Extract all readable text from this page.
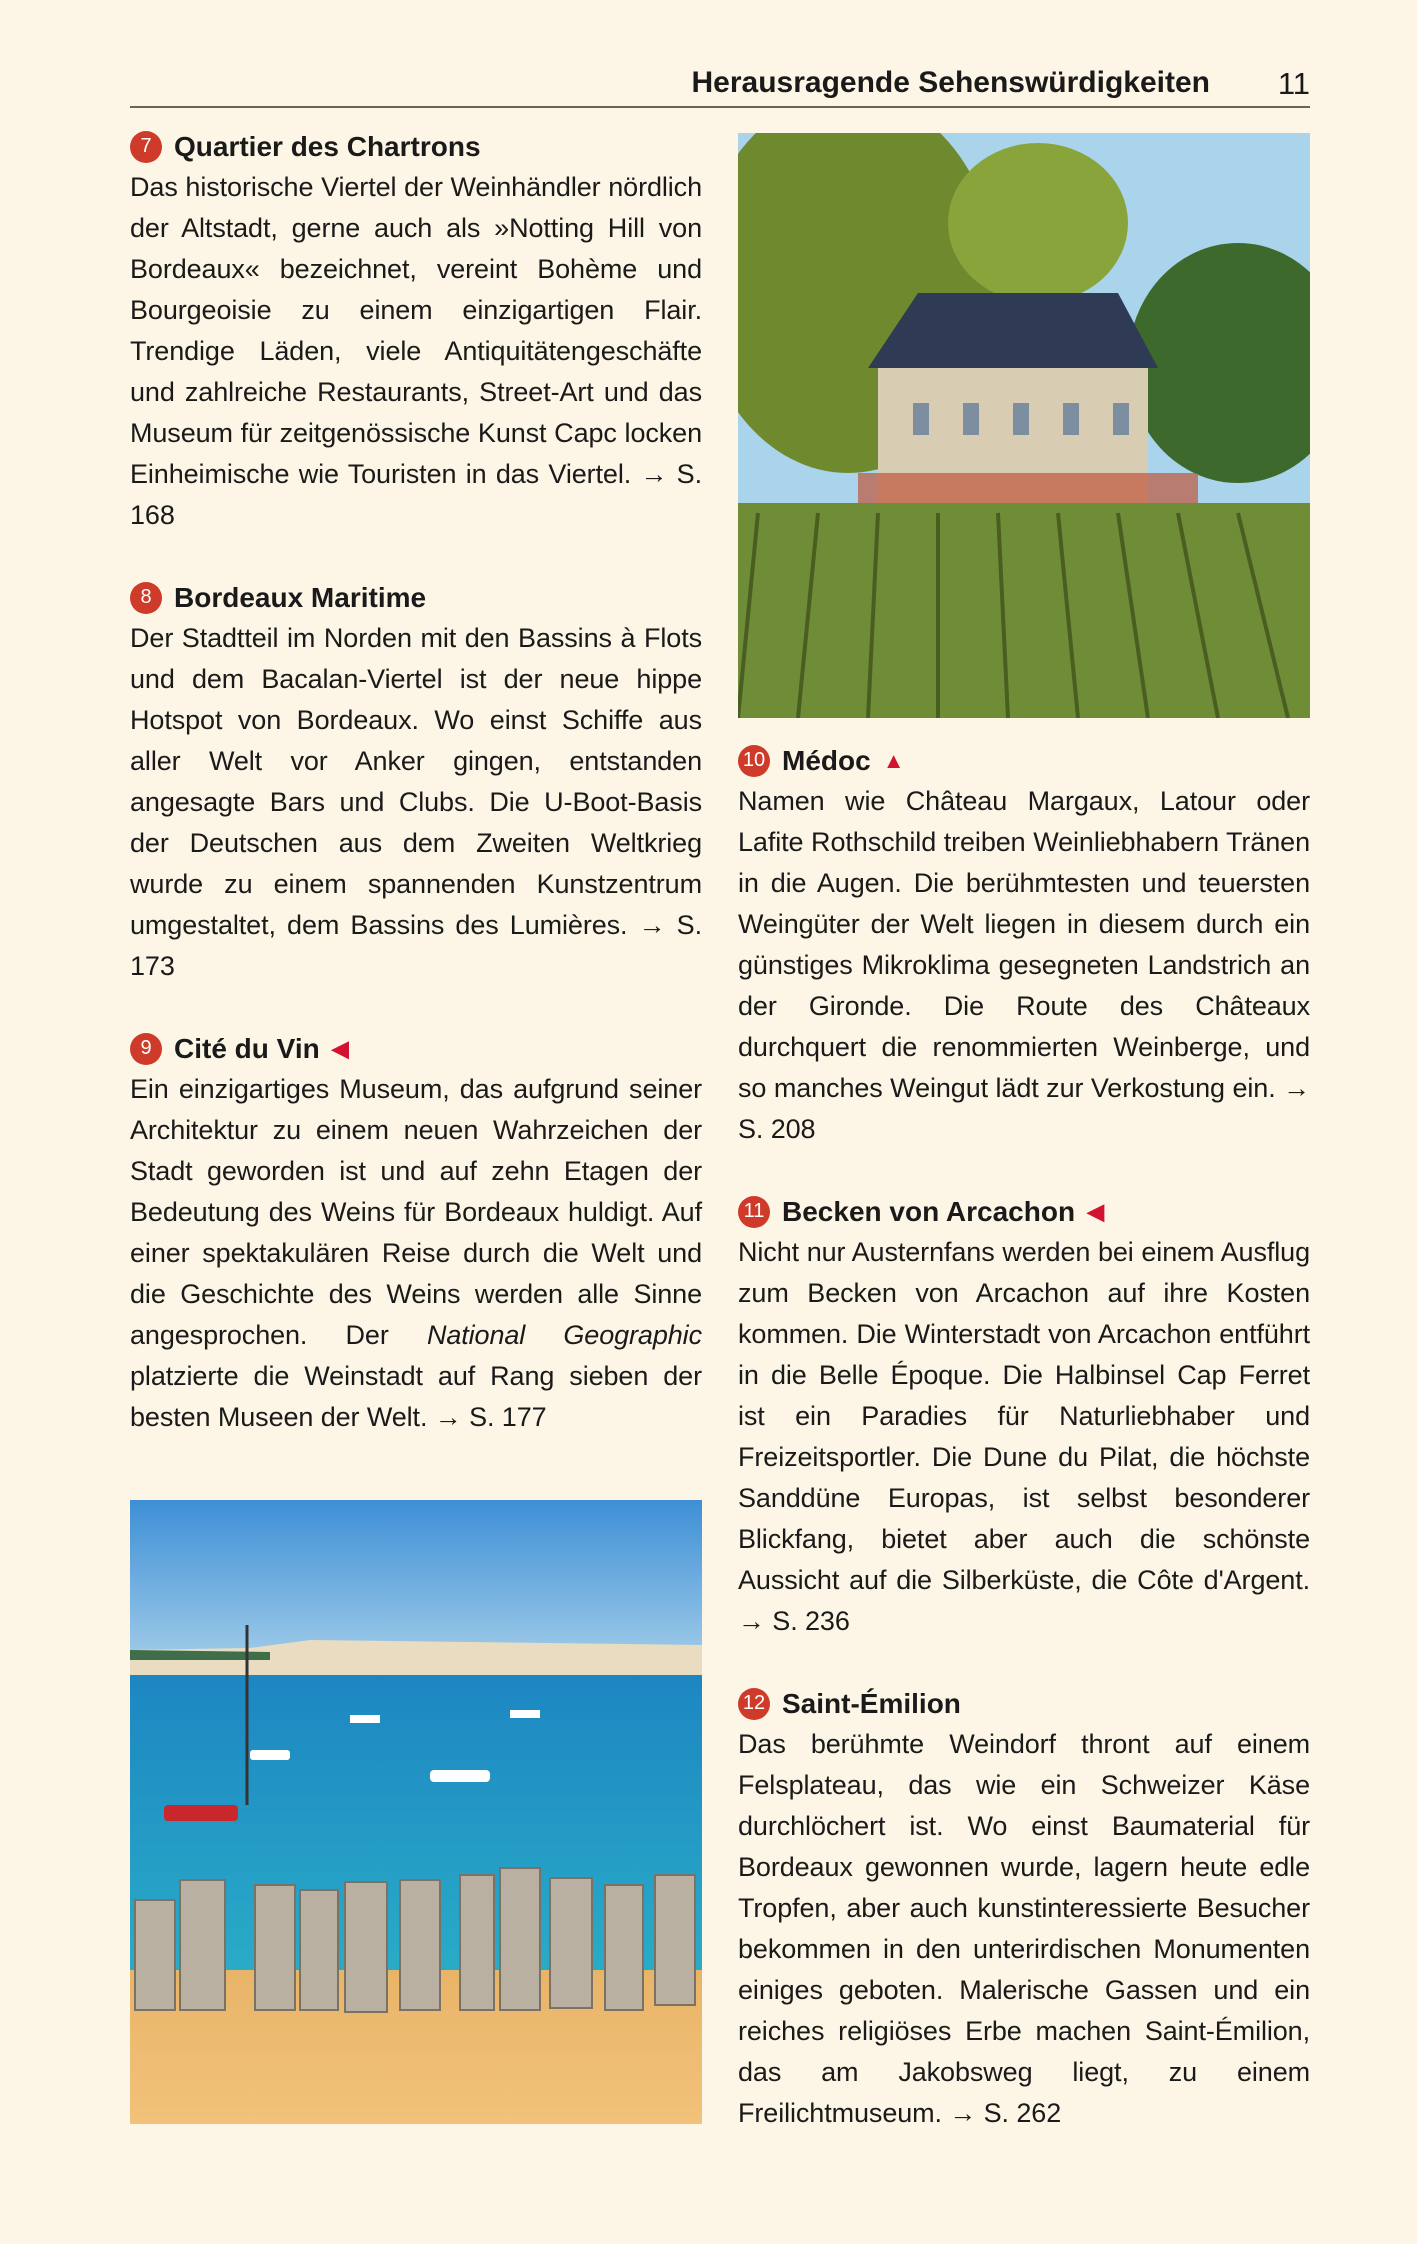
Herausragende Sehenswürdigkeiten 11
7 Quartier des Chartrons

Das historische Viertel der Weinhändler nördlich der Altstadt, gerne auch als »Notting Hill von Bordeaux« bezeichnet, vereint Bohème und Bourgeoisie zu einem einzigartigen Flair. Trendige Läden, viele Antiquitätengeschäfte und zahlreiche Restaurants, Street-Art und das Museum für zeitgenössische Kunst Capc locken Einheimische wie Touristen in das Viertel. → S. 168

8 Bordeaux Maritime

Der Stadtteil im Norden mit den Bassins à Flots und dem Bacalan-Viertel ist der neue hippe Hotspot von Bordeaux. Wo einst Schiffe aus aller Welt vor Anker gingen, entstanden angesagte Bars und Clubs. Die U-Boot-Basis der Deutschen aus dem Zweiten Weltkrieg wurde zu einem spannenden Kunstzentrum umgestaltet, dem Bassins des Lumières. → S. 173

9 Cité du Vin ◀

Ein einzigartiges Museum, das aufgrund seiner Architektur zu einem neuen Wahrzeichen der Stadt geworden ist und auf zehn Etagen der Bedeutung des Weins für Bordeaux huldigt. Auf einer spektakulären Reise durch die Welt und die Geschichte des Weins werden alle Sinne angesprochen. Der National Geographic platzierte die Weinstadt auf Rang sieben der besten Museen der Welt. → S. 177

10 Médoc ▲

Namen wie Château Margaux, Latour oder Lafite Rothschild treiben Weinliebhabern Tränen in die Augen. Die berühmtesten und teuersten Weingüter der Welt liegen in diesem durch ein günstiges Mikroklima gesegneten Landstrich an der Gironde. Die Route des Châteaux durchquert die renommierten Weinberge, und so manches Weingut lädt zur Verkostung ein. → S. 208

11 Becken von Arcachon ◀

Nicht nur Austernfans werden bei einem Ausflug zum Becken von Arcachon auf ihre Kosten kommen. Die Winterstadt von Arcachon entführt in die Belle Époque. Die Halbinsel Cap Ferret ist ein Paradies für Naturliebhaber und Freizeitsportler. Die Dune du Pilat, die höchste Sanddüne Europas, ist selbst besonderer Blickfang, bietet aber auch die schönste Aussicht auf die Silberküste, die Côte d'Argent. → S. 236

12 Saint-Émilion

Das berühmte Weindorf thront auf einem Felsplateau, das wie ein Schweizer Käse durchlöchert ist. Wo einst Baumaterial für Bordeaux gewonnen wurde, lagern heute edle Tropfen, aber auch kunstinteressierte Besucher bekommen in den unterirdischen Monumenten einiges geboten. Malerische Gassen und ein reiches religiöses Erbe machen Saint-Émilion, das am Jakobsweg liegt, zu einem Freilichtmuseum. → S. 262
